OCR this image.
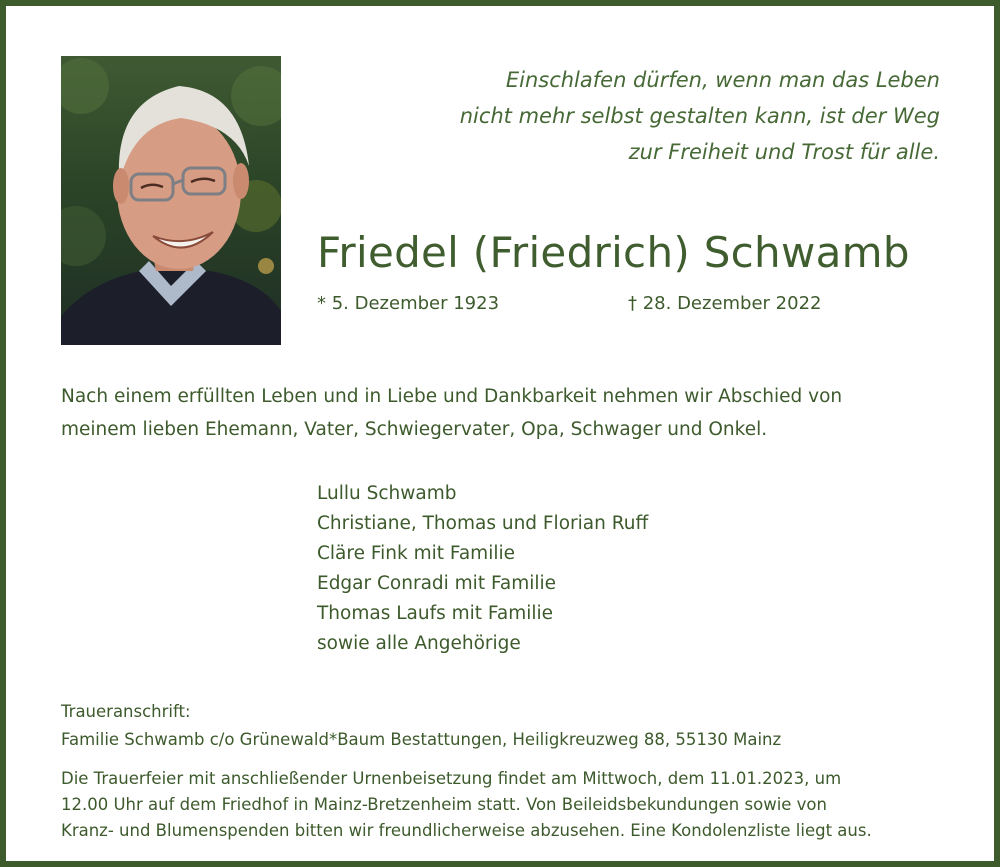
Einschlafen dürfen, wenn man das Leben
nicht mehr selbst gestalten kann, ist der Weg
zur Freiheit und Trost für alle.
Friedel (Friedrich) Schwamb
* 5. Dezember 1923	† 28. Dezember 2022
Nach einem erfüllten Leben und in Liebe und Dankbarkeit nehmen wir Abschied von
meinem lieben Ehemann, Vater, Schwiegervater, Opa, Schwager und Onkel.
Lullu Schwamb
Christiane, Thomas und Florian Ruff
Cläre Fink mit Familie
Edgar Conradi mit Familie
Thomas Laufs mit Familie
sowie alle Angehörige
Traueranschrift:
Familie Schwamb c/o Grünewald*Baum Bestattungen, Heiligkreuzweg 88, 55130 Mainz
Die Trauerfeier mit anschließender Urnenbeisetzung findet am Mittwoch, dem 11.01.2023, um
12.00 Uhr auf dem Friedhof in Mainz-Bretzenheim statt. Von Beileidsbekundungen sowie von
Kranz- und Blumenspenden bitten wir freundlicherweise abzusehen. Eine Kondolenzliste liegt aus.
